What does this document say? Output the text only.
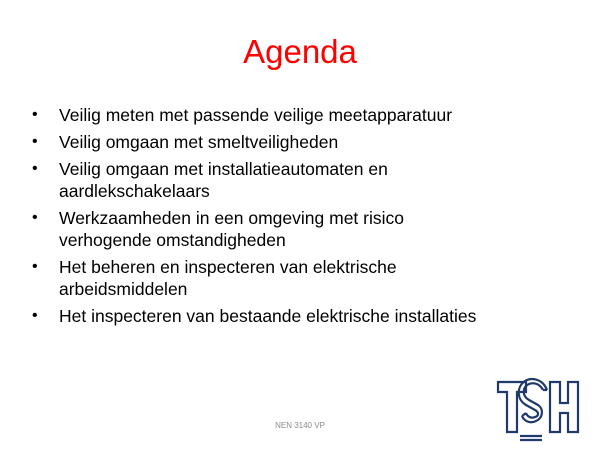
Agenda
• Veilig meten met passende veilige meetapparatuur
• Veilig omgaan met smeltveiligheden
• Veilig omgaan met installatieautomaten en
aardlekschakelaars
• Werkzaamheden in een omgeving met risico
verhogende omstandigheden
• Het beheren en inspecteren van elektrische
arbeidsmiddelen
• Het inspecteren van bestaande elektrische installaties
NEN 3140 VP
